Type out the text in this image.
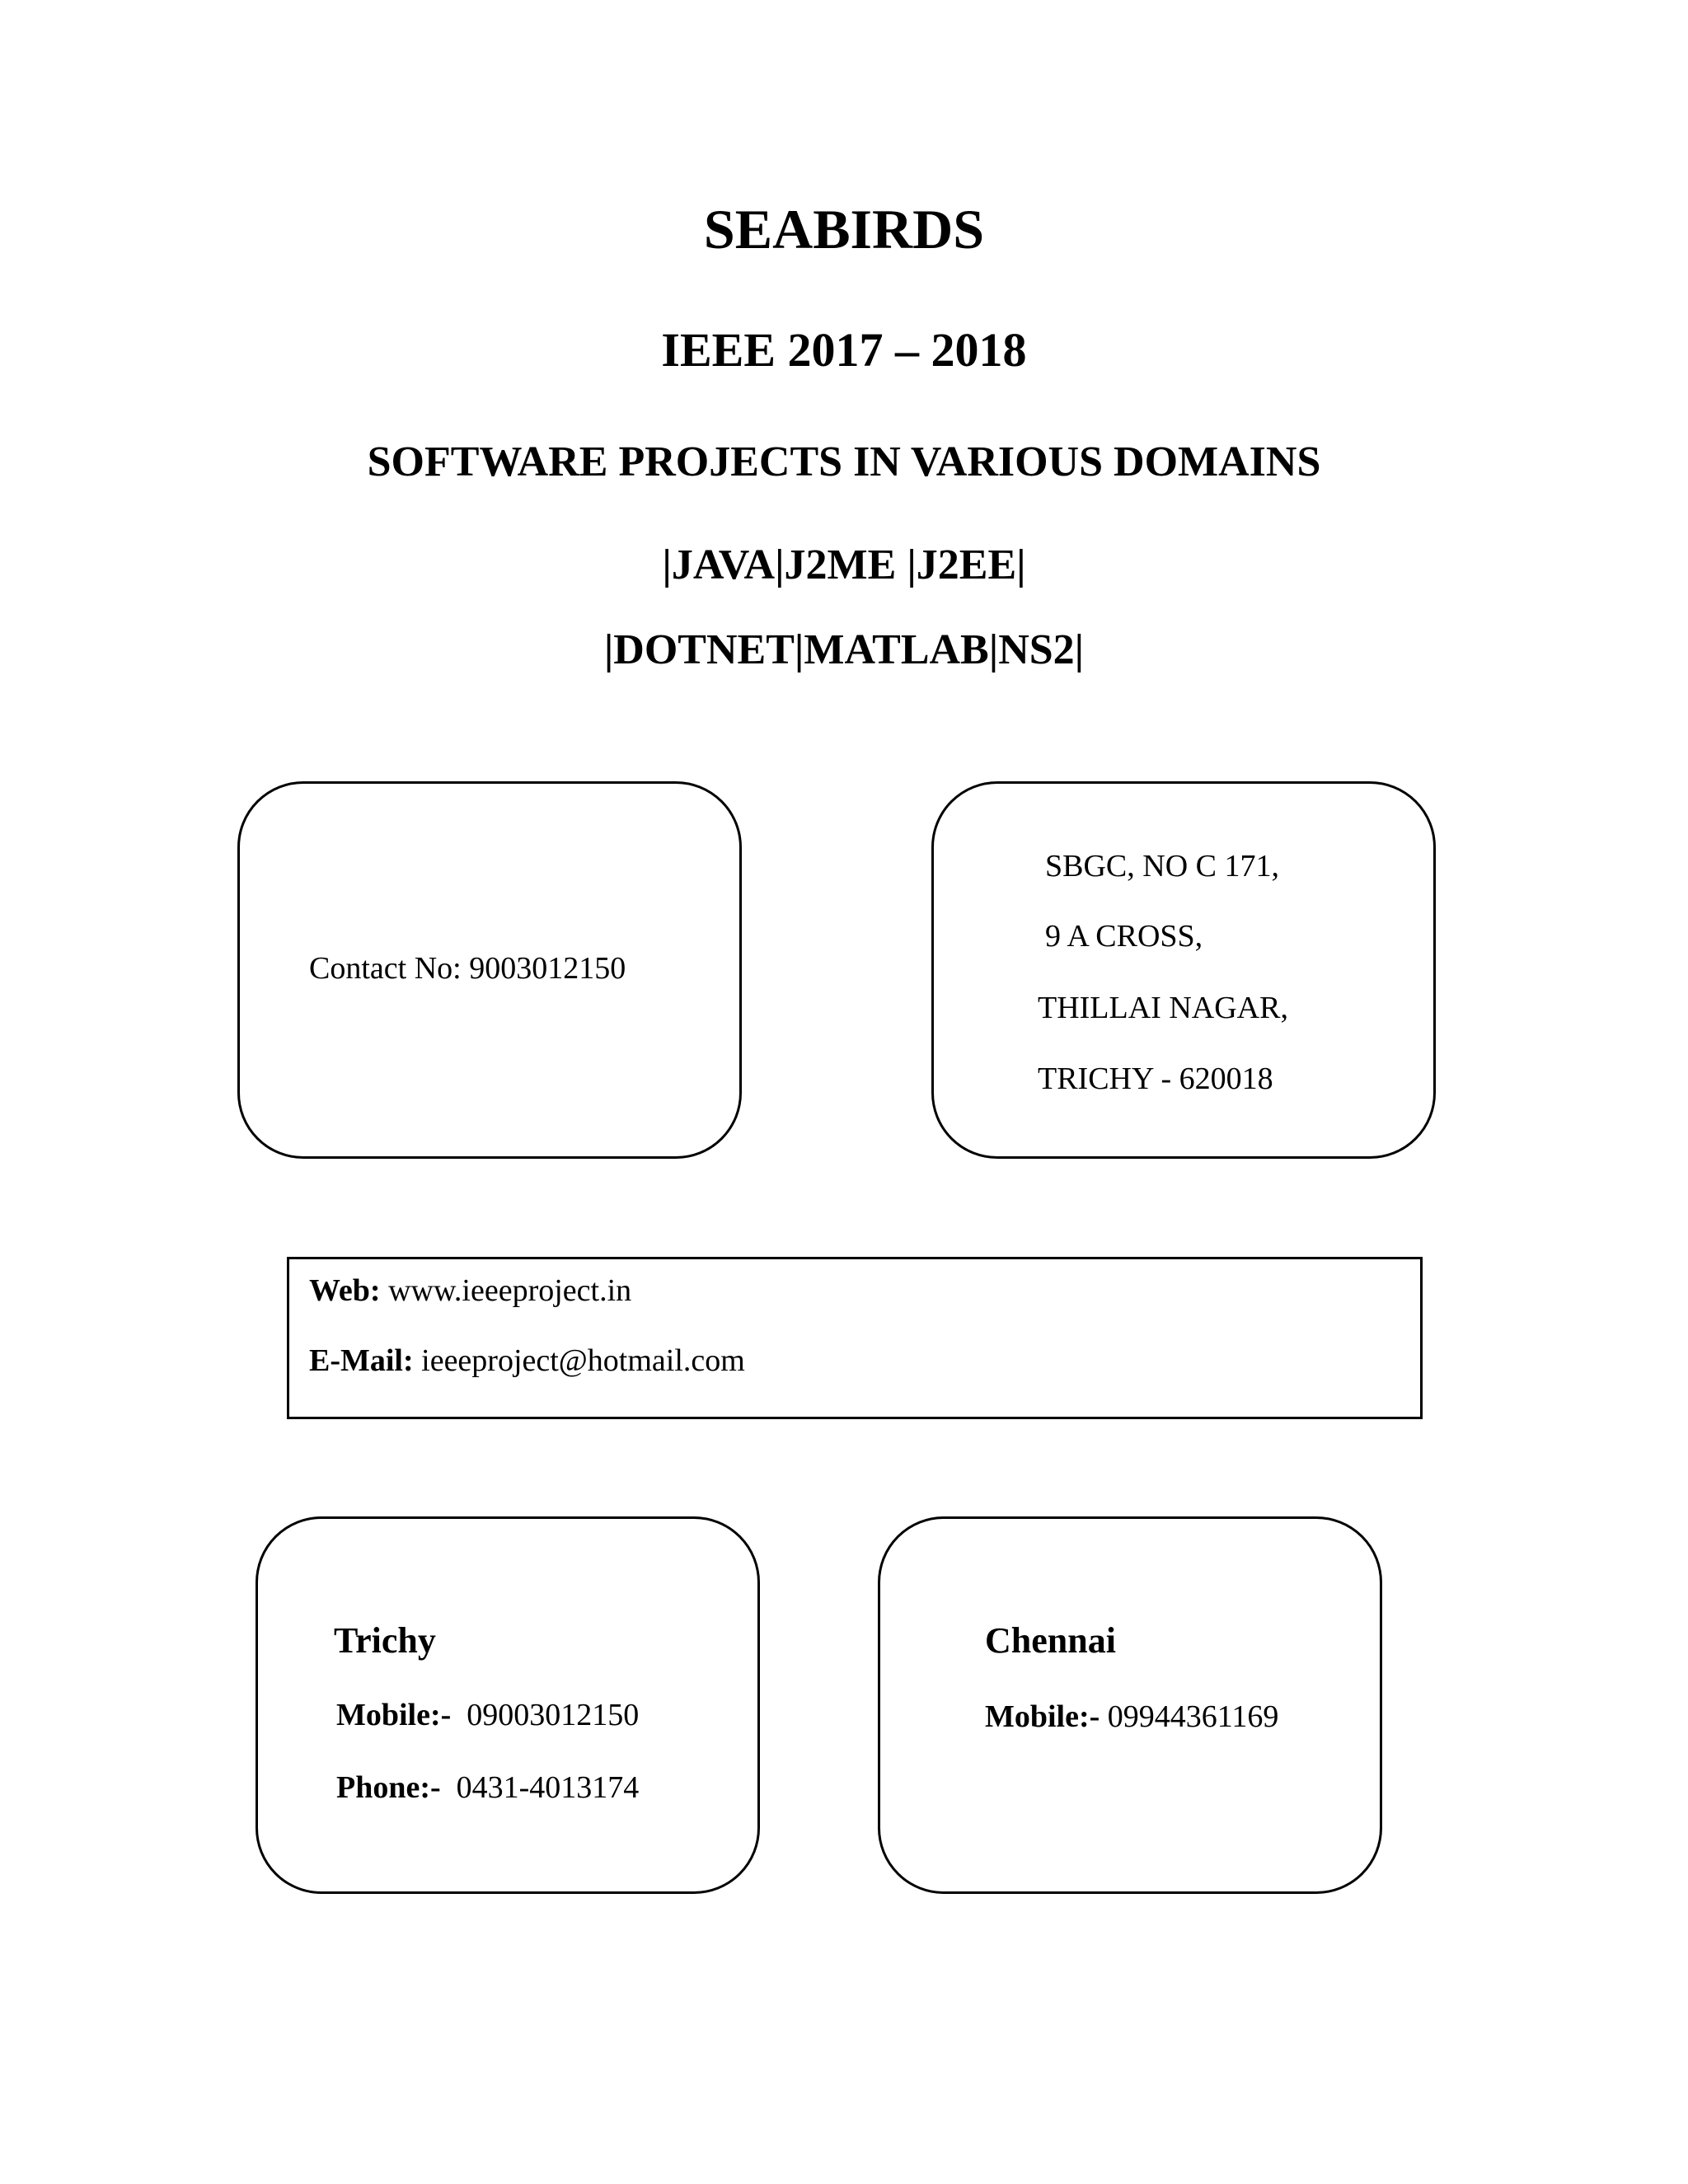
SEABIRDS
IEEE 2017 – 2018
SOFTWARE PROJECTS IN VARIOUS DOMAINS
|JAVA|J2ME |J2EE|
|DOTNET|MATLAB|NS2|
Contact No: 9003012150
SBGC, NO C 171,
9 A CROSS,
THILLAI NAGAR,
TRICHY - 620018
Web: www.ieeeproject.in
E-Mail: ieeeproject@hotmail.com
Trichy
Mobile:- 09003012150
Phone:- 0431-4013174
Chennai
Mobile:- 09944361169
